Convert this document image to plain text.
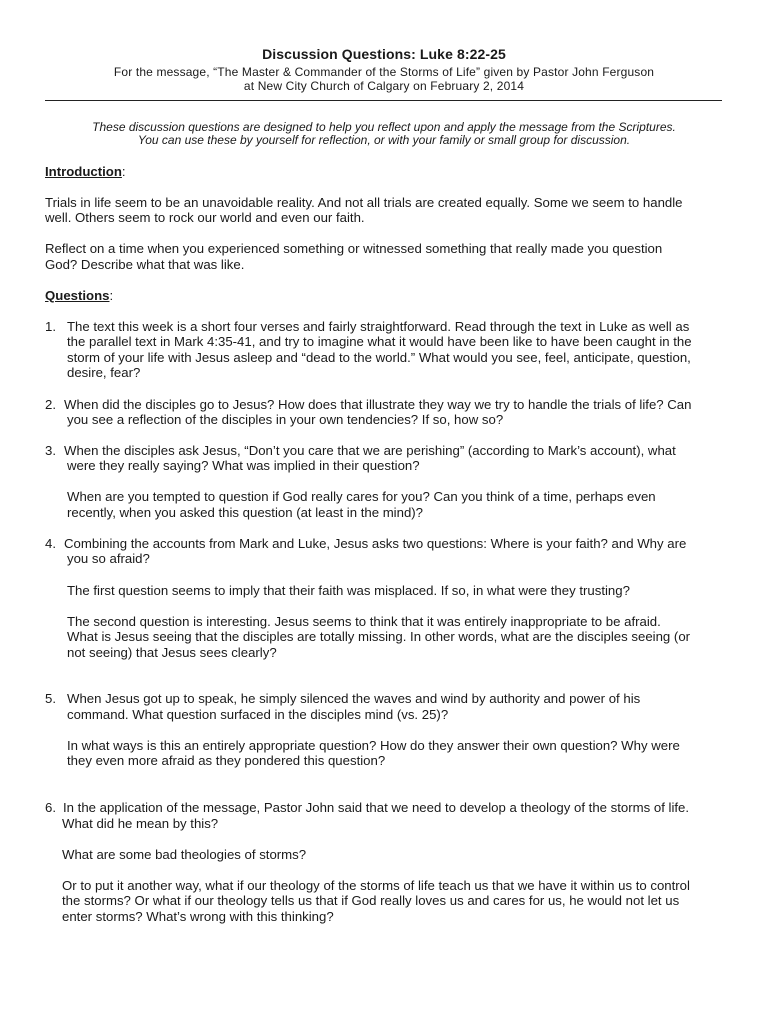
Discussion Questions: Luke 8:22-25
For the message, “The Master & Commander of the Storms of Life” given by Pastor John Ferguson
at New City Church of Calgary on February 2, 2014
These discussion questions are designed to help you reflect upon and apply the message from the Scriptures.
You can use these by yourself for reflection, or with your family or small group for discussion.
Introduction:
Trials in life seem to be an unavoidable reality. And not all trials are created equally. Some we seem to handle
well. Others seem to rock our world and even our faith.
Reflect on a time when you experienced something or witnessed something that really made you question
God? Describe what that was like.
Questions:
1. The text this week is a short four verses and fairly straightforward. Read through the text in Luke as well as
the parallel text in Mark 4:35-41, and try to imagine what it would have been like to have been caught in the
storm of your life with Jesus asleep and “dead to the world.” What would you see, feel, anticipate, question,
desire, fear?
2. When did the disciples go to Jesus? How does that illustrate they way we try to handle the trials of life? Can
you see a reflection of the disciples in your own tendencies? If so, how so?
3. When the disciples ask Jesus, “Don’t you care that we are perishing” (according to Mark’s account), what
were they really saying? What was implied in their question?
When are you tempted to question if God really cares for you? Can you think of a time, perhaps even
recently, when you asked this question (at least in the mind)?
4. Combining the accounts from Mark and Luke, Jesus asks two questions: Where is your faith? and Why are
you so afraid?
The first question seems to imply that their faith was misplaced. If so, in what were they trusting?
The second question is interesting. Jesus seems to think that it was entirely inappropriate to be afraid.
What is Jesus seeing that the disciples are totally missing. In other words, what are the disciples seeing (or
not seeing) that Jesus sees clearly?
5. When Jesus got up to speak, he simply silenced the waves and wind by authority and power of his
command. What question surfaced in the disciples mind (vs. 25)?
In what ways is this an entirely appropriate question? How do they answer their own question? Why were
they even more afraid as they pondered this question?
6. In the application of the message, Pastor John said that we need to develop a theology of the storms of life.
What did he mean by this?
What are some bad theologies of storms?
Or to put it another way, what if our theology of the storms of life teach us that we have it within us to control
the storms? Or what if our theology tells us that if God really loves us and cares for us, he would not let us
enter storms? What’s wrong with this thinking?
